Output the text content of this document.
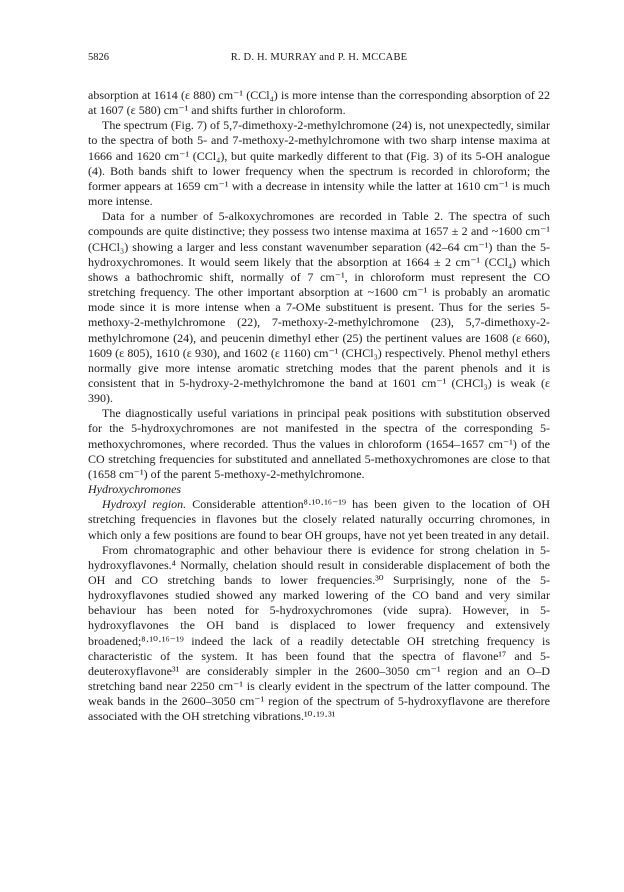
5826	R. D. H. MURRAY and P. H. MCCABE

absorption at 1614 (ε 880) cm⁻¹ (CCl₄) is more intense than the corresponding absorption of 22 at 1607 (ε 580) cm⁻¹ and shifts further in chloroform.

The spectrum (Fig. 7) of 5,7-dimethoxy-2-methylchromone (24) is, not unexpectedly, similar to the spectra of both 5- and 7-methoxy-2-methylchromone with two sharp intense maxima at 1666 and 1620 cm⁻¹ (CCl₄), but quite markedly different to that (Fig. 3) of its 5-OH analogue (4). Both bands shift to lower frequency when the spectrum is recorded in chloroform; the former appears at 1659 cm⁻¹ with a decrease in intensity while the latter at 1610 cm⁻¹ is much more intense.

Data for a number of 5-alkoxychromones are recorded in Table 2. The spectra of such compounds are quite distinctive; they possess two intense maxima at 1657 ± 2 and ~1600 cm⁻¹ (CHCl₃) showing a larger and less constant wavenumber separation (42–64 cm⁻¹) than the 5-hydroxychromones. It would seem likely that the absorption at 1664 ± 2 cm⁻¹ (CCl₄) which shows a bathochromic shift, normally of 7 cm⁻¹, in chloroform must represent the CO stretching frequency. The other important absorption at ~1600 cm⁻¹ is probably an aromatic mode since it is more intense when a 7-OMe substituent is present. Thus for the series 5-methoxy-2-methylchromone (22), 7-methoxy-2-methylchromone (23), 5,7-dimethoxy-2-methylchromone (24), and peucenin dimethyl ether (25) the pertinent values are 1608 (ε 660), 1609 (ε 805), 1610 (ε 930), and 1602 (ε 1160) cm⁻¹ (CHCl₃) respectively. Phenol methyl ethers normally give more intense aromatic stretching modes that the parent phenols and it is consistent that in 5-hydroxy-2-methylchromone the band at 1601 cm⁻¹ (CHCl₃) is weak (ε 390).

The diagnostically useful variations in principal peak positions with substitution observed for the 5-hydroxychromones are not manifested in the spectra of the corresponding 5-methoxychromones, where recorded. Thus the values in chloroform (1654–1657 cm⁻¹) of the CO stretching frequencies for substituted and annellated 5-methoxychromones are close to that (1658 cm⁻¹) of the parent 5-methoxy-2-methylchromone.

Hydroxychromones

Hydroxyl region. Considerable attention⁸·¹⁰·¹⁶⁻¹⁹ has been given to the location of OH stretching frequencies in flavones but the closely related naturally occurring chromones, in which only a few positions are found to bear OH groups, have not yet been treated in any detail.

From chromatographic and other behaviour there is evidence for strong chelation in 5-hydroxyflavones.⁴ Normally, chelation should result in considerable displacement of both the OH and CO stretching bands to lower frequencies.³⁰ Surprisingly, none of the 5-hydroxyflavones studied showed any marked lowering of the CO band and very similar behaviour has been noted for 5-hydroxychromones (vide supra). However, in 5-hydroxyflavones the OH band is displaced to lower frequency and extensively broadened;⁸·¹⁰·¹⁶⁻¹⁹ indeed the lack of a readily detectable OH stretching frequency is characteristic of the system. It has been found that the spectra of flavone¹⁷ and 5-deuteroxyflavone³¹ are considerably simpler in the 2600–3050 cm⁻¹ region and an O–D stretching band near 2250 cm⁻¹ is clearly evident in the spectrum of the latter compound. The weak bands in the 2600–3050 cm⁻¹ region of the spectrum of 5-hydroxyflavone are therefore associated with the OH stretching vibrations.¹⁰·¹⁹·³¹
